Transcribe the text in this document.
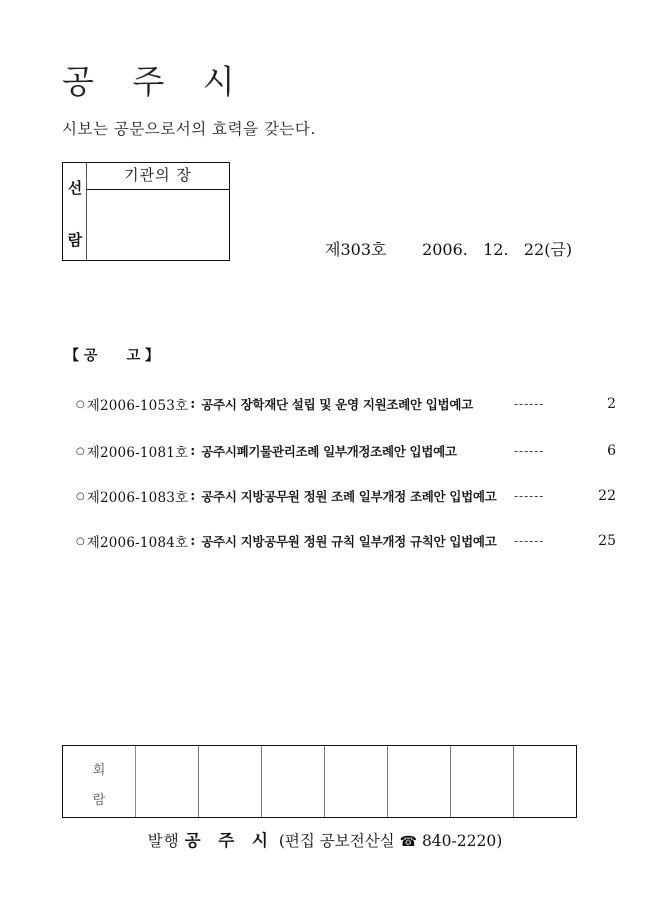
공 주 시
시보는 공문으로서의 효력을 갖는다.
선
람
기관의 장
제303호 2006.   12.   22(금)
【 공      고 】
○ 제2006-1053호 : 공주시 장학재단 설립 및 운영 지원조례안 입법예고	------	2
○ 제2006-1081호 : 공주시폐기물관리조례 일부개정조례안 입법예고	------	6
○ 제2006-1083호 : 공주시 지방공무원 정원 조례 일부개정 조례안 입법예고 ------	22
○ 제2006-1084호 : 공주시 지방공무원 정원 규칙 일부개정 규칙안 입법예고 ------	25
회
람
발행 공 주 시 (편집 공보전산실 ☎ 840-2220)
